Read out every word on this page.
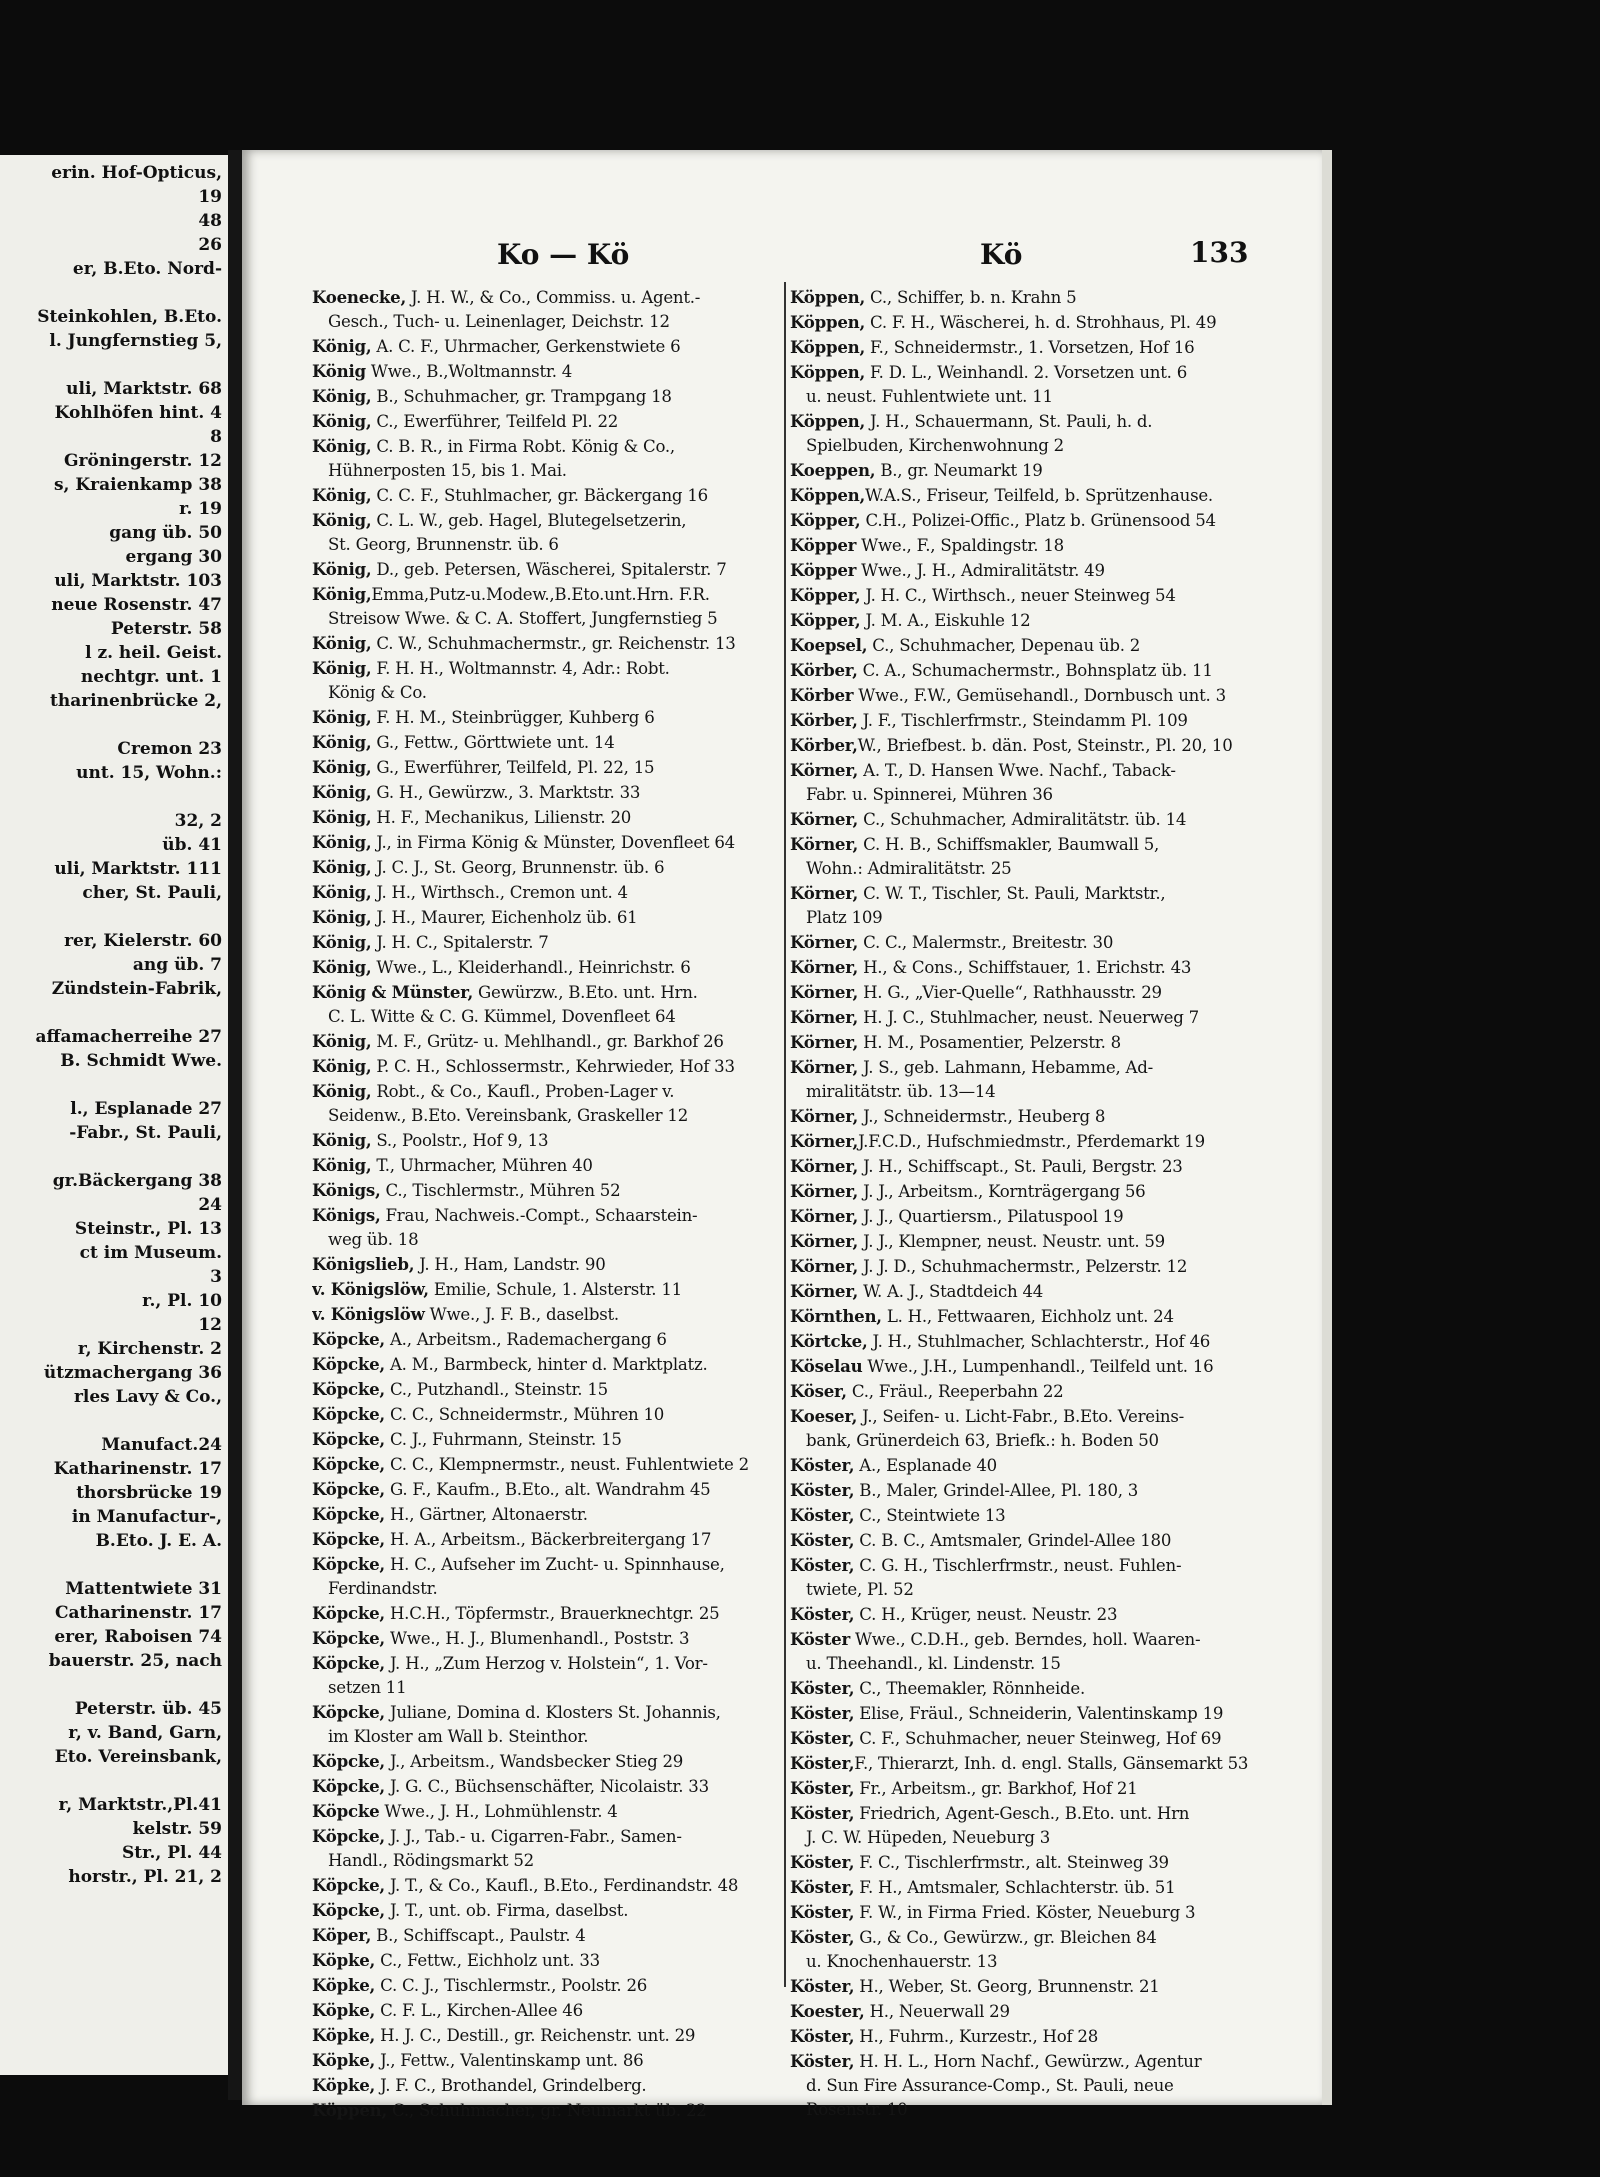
erin. Hof-Opticus,
19
48
26
er, B.Eto. Nord-
Steinkohlen, B.Eto.
l. Jungfernstieg 5,
uli, Marktstr. 68
Kohlhöfen hint. 4
8
Gröningerstr. 12
s, Kraienkamp 38
r. 19
gang üb. 50
ergang 30
uli, Marktstr. 103
neue Rosenstr. 47
Peterstr. 58
l z. heil. Geist.
nechtgr. unt. 1
tharinenbrücke 2,
Cremon 23
unt. 15, Wohn.:
32, 2
üb. 41
uli, Marktstr. 111
cher, St. Pauli,
rer, Kielerstr. 60
ang üb. 7
Zündstein-Fabrik,
affamacherreihe 27
B. Schmidt Wwe.
l., Esplanade 27
-Fabr., St. Pauli,
gr.Bäckergang 38
24
Steinstr., Pl. 13
ct im Museum.
3
r., Pl. 10
12
r, Kirchenstr. 2
ützmachergang 36
rles Lavy & Co.,
Manufact.24
Katharinenstr. 17
thorsbrücke 19
in Manufactur-,
B.Eto. J. E. A.
Mattentwiete 31
Catharinenstr. 17
erer, Raboisen 74
bauerstr. 25, nach
Peterstr. üb. 45
r, v. Band, Garn,
Eto. Vereinsbank,
r, Marktstr.,Pl.41
kelstr. 59
Str., Pl. 44
horstr., Pl. 21, 2
Ko — Kö	Kö	133
Koenecke, J. H. W., & Co., Commiss. u. Agent.-
Gesch., Tuch- u. Leinenlager, Deichstr. 12
König, A. C. F., Uhrmacher, Gerkenstwiete 6
König Wwe., B.,Woltmannstr. 4
König, B., Schuhmacher, gr. Trampgang 18
König, C., Ewerführer, Teilfeld Pl. 22
König, C. B. R., in Firma Robt. König & Co.,
Hühnerposten 15, bis 1. Mai.
König, C. C. F., Stuhlmacher, gr. Bäckergang 16
König, C. L. W., geb. Hagel, Blutegelsetzerin,
St. Georg, Brunnenstr. üb. 6
König, D., geb. Petersen, Wäscherei, Spitalerstr. 7
König,Emma,Putz-u.Modew.,B.Eto.unt.Hrn. F.R.
Streisow Wwe. & C. A. Stoffert, Jungfernstieg 5
König, C. W., Schuhmachermstr., gr. Reichenstr. 13
König, F. H. H., Woltmannstr. 4, Adr.: Robt.
König & Co.
König, F. H. M., Steinbrügger, Kuhberg 6
König, G., Fettw., Görttwiete unt. 14
König, G., Ewerführer, Teilfeld, Pl. 22, 15
König, G. H., Gewürzw., 3. Marktstr. 33
König, H. F., Mechanikus, Lilienstr. 20
König, J., in Firma König & Münster, Dovenfleet 64
König, J. C. J., St. Georg, Brunnenstr. üb. 6
König, J. H., Wirthsch., Cremon unt. 4
König, J. H., Maurer, Eichenholz üb. 61
König, J. H. C., Spitalerstr. 7
König, Wwe., L., Kleiderhandl., Heinrichstr. 6
König & Münster, Gewürzw., B.Eto. unt. Hrn.
C. L. Witte & C. G. Kümmel, Dovenfleet 64
König, M. F., Grütz- u. Mehlhandl., gr. Barkhof 26
König, P. C. H., Schlossermstr., Kehrwieder, Hof 33
König, Robt., & Co., Kaufl., Proben-Lager v.
Seidenw., B.Eto. Vereinsbank, Graskeller 12
König, S., Poolstr., Hof 9, 13
König, T., Uhrmacher, Mühren 40
Königs, C., Tischlermstr., Mühren 52
Königs, Frau, Nachweis.-Compt., Schaarstein-
weg üb. 18
Königslieb, J. H., Ham, Landstr. 90
v. Königslöw, Emilie, Schule, 1. Alsterstr. 11
v. Königslöw Wwe., J. F. B., daselbst.
Köpcke, A., Arbeitsm., Rademachergang 6
Köpcke, A. M., Barmbeck, hinter d. Marktplatz.
Köpcke, C., Putzhandl., Steinstr. 15
Köpcke, C. C., Schneidermstr., Mühren 10
Köpcke, C. J., Fuhrmann, Steinstr. 15
Köpcke, C. C., Klempnermstr., neust. Fuhlentwiete 2
Köpcke, G. F., Kaufm., B.Eto., alt. Wandrahm 45
Köpcke, H., Gärtner, Altonaerstr.
Köpcke, H. A., Arbeitsm., Bäckerbreitergang 17
Köpcke, H. C., Aufseher im Zucht- u. Spinnhause,
Ferdinandstr.
Köpcke, H.C.H., Töpfermstr., Brauerknechtgr. 25
Köpcke, Wwe., H. J., Blumenhandl., Poststr. 3
Köpcke, J. H., „Zum Herzog v. Holstein“, 1. Vor-
setzen 11
Köpcke, Juliane, Domina d. Klosters St. Johannis,
im Kloster am Wall b. Steinthor.
Köpcke, J., Arbeitsm., Wandsbecker Stieg 29
Köpcke, J. G. C., Büchsenschäfter, Nicolaistr. 33
Köpcke Wwe., J. H., Lohmühlenstr. 4
Köpcke, J. J., Tab.- u. Cigarren-Fabr., Samen-
Handl., Rödingsmarkt 52
Köpcke, J. T., & Co., Kaufl., B.Eto., Ferdinandstr. 48
Köpcke, J. T., unt. ob. Firma, daselbst.
Köper, B., Schiffscapt., Paulstr. 4
Köpke, C., Fettw., Eichholz unt. 33
Köpke, C. C. J., Tischlermstr., Poolstr. 26
Köpke, C. F. L., Kirchen-Allee 46
Köpke, H. J. C., Destill., gr. Reichenstr. unt. 29
Köpke, J., Fettw., Valentinskamp unt. 86
Köpke, J. F. C., Brothandel, Grindelberg.
Köppen, C., Schuhmacher, gr. Neumarkt üb. 22
Köppen, C., Schiffer, b. n. Krahn 5
Köppen, C. F. H., Wäscherei, h. d. Strohhaus, Pl. 49
Köppen, F., Schneidermstr., 1. Vorsetzen, Hof 16
Köppen, F. D. L., Weinhandl. 2. Vorsetzen unt. 6
u. neust. Fuhlentwiete unt. 11
Köppen, J. H., Schauermann, St. Pauli, h. d.
Spielbuden, Kirchenwohnung 2
Koeppen, B., gr. Neumarkt 19
Köppen,W.A.S., Friseur, Teilfeld, b. Sprützenhause.
Köpper, C.H., Polizei-Offic., Platz b. Grünensood 54
Köpper Wwe., F., Spaldingstr. 18
Köpper Wwe., J. H., Admiralitätstr. 49
Köpper, J. H. C., Wirthsch., neuer Steinweg 54
Köpper, J. M. A., Eiskuhle 12
Koepsel, C., Schuhmacher, Depenau üb. 2
Körber, C. A., Schumachermstr., Bohnsplatz üb. 11
Körber Wwe., F.W., Gemüsehandl., Dornbusch unt. 3
Körber, J. F., Tischlerfrmstr., Steindamm Pl. 109
Körber,W., Briefbest. b. dän. Post, Steinstr., Pl. 20, 10
Körner, A. T., D. Hansen Wwe. Nachf., Taback-
Fabr. u. Spinnerei, Mühren 36
Körner, C., Schuhmacher, Admiralitätstr. üb. 14
Körner, C. H. B., Schiffsmakler, Baumwall 5,
Wohn.: Admiralitätstr. 25
Körner, C. W. T., Tischler, St. Pauli, Marktstr.,
Platz 109
Körner, C. C., Malermstr., Breitestr. 30
Körner, H., & Cons., Schiffstauer, 1. Erichstr. 43
Körner, H. G., „Vier-Quelle“, Rathhausstr. 29
Körner, H. J. C., Stuhlmacher, neust. Neuerweg 7
Körner, H. M., Posamentier, Pelzerstr. 8
Körner, J. S., geb. Lahmann, Hebamme, Ad-
miralitätstr. üb. 13—14
Körner, J., Schneidermstr., Heuberg 8
Körner,J.F.C.D., Hufschmiedmstr., Pferdemarkt 19
Körner, J. H., Schiffscapt., St. Pauli, Bergstr. 23
Körner, J. J., Arbeitsm., Kornträgergang 56
Körner, J. J., Quartiersm., Pilatuspool 19
Körner, J. J., Klempner, neust. Neustr. unt. 59
Körner, J. J. D., Schuhmachermstr., Pelzerstr. 12
Körner, W. A. J., Stadtdeich 44
Körnthen, L. H., Fettwaaren, Eichholz unt. 24
Körtcke, J. H., Stuhlmacher, Schlachterstr., Hof 46
Köselau Wwe., J.H., Lumpenhandl., Teilfeld unt. 16
Köser, C., Fräul., Reeperbahn 22
Koeser, J., Seifen- u. Licht-Fabr., B.Eto. Vereins-
bank, Grünerdeich 63, Briefk.: h. Boden 50
Köster, A., Esplanade 40
Köster, B., Maler, Grindel-Allee, Pl. 180, 3
Köster, C., Steintwiete 13
Köster, C. B. C., Amtsmaler, Grindel-Allee 180
Köster, C. G. H., Tischlerfrmstr., neust. Fuhlen-
twiete, Pl. 52
Köster, C. H., Krüger, neust. Neustr. 23
Köster Wwe., C.D.H., geb. Berndes, holl. Waaren-
u. Theehandl., kl. Lindenstr. 15
Köster, C., Theemakler, Rönnheide.
Köster, Elise, Fräul., Schneiderin, Valentinskamp 19
Köster, C. F., Schuhmacher, neuer Steinweg, Hof 69
Köster,F., Thierarzt, Inh. d. engl. Stalls, Gänsemarkt 53
Köster, Fr., Arbeitsm., gr. Barkhof, Hof 21
Köster, Friedrich, Agent-Gesch., B.Eto. unt. Hrn
J. C. W. Hüpeden, Neueburg 3
Köster, F. C., Tischlerfrmstr., alt. Steinweg 39
Köster, F. H., Amtsmaler, Schlachterstr. üb. 51
Köster, F. W., in Firma Fried. Köster, Neueburg 3
Köster, G., & Co., Gewürzw., gr. Bleichen 84
u. Knochenhauerstr. 13
Köster, H., Weber, St. Georg, Brunnenstr. 21
Koester, H., Neuerwall 29
Köster, H., Fuhrm., Kurzestr., Hof 28
Köster, H. H. L., Horn Nachf., Gewürzw., Agentur
d. Sun Fire Assurance-Comp., St. Pauli, neue
Rosenstr. 10
